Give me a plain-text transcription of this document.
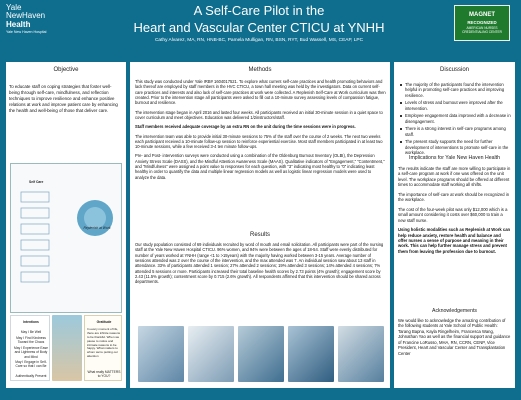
Yale
NewHaven
Health
Yale New Haven Hospital
A Self-Care Pilot in the
Heart and Vascular Center CTICU at YNHH
Cathy Alvarez, MA, RN, HNB-BC, Pamela Mulligan, RN, BSN, RYT, Bud Wassell, MS, CEAP, LPC
MAGNET
RECOGNIZED
AMERICAN NURSES
CREDENTIALING CENTER
Objective
To educate staff on coping strategies that foster well-being through self-care, mindfulness, and reflection techniques to improve resilience and enhance positive relations at work and improve patient care by enhancing the health and well-being of those that deliver care.
Self Care
Replenish at Work
Intentions
May I Be Well
May I Find Kindness Toward the Chaos
May I Experience Ease and Lightness of Body and Mind
May I Engage in Self-Care so that I can Be
Authentically Present
Gratitude
In every moment of life, there are infinite reasons to be thankful. When we pause to notice and intimate reasons to be happy. What matters to whom we're putting our attention
What really MATTERS to YOU?
Methods

This study was conducted under Yale IRB# 1604017521. To explore what current self-care practices and health promoting behaviors and lack thereof are employed by staff members in the HVC CTICU, a town hall meeting was held by the investigators. Data on current self-care practices and interests and also lack of self-care practices at work were collected. A Replenish Self-Care at Work curriculum was then created. Prior to the intervention stage all participants were asked to fill out a 10-minute survey assessing levels of compassion fatigue, burnout and resilience.

The intervention stage began in April 2016 and lasted four weeks. All participants received an initial 30-minute session in a quiet space to cover curriculum and meet objectives. Education was delivered 1/2instructors/staff.

Staff members received adequate coverage by an extra RN on the unit during the time sessions were in progress.

The intervention team was able to provide initial 30-minute sessions to 75% of the staff over the course of 2 weeks. The next two weeks each participant received a 10-minute follow-up session to reinforce experiential exercise. Most staff members participated in at least two 10-minute sessions, while a few received 3-4 ten minute follow-ups.

Pre- and Post- intervention surveys were conducted using a combination of the Oldenburg Burnout Inventory (OLBI), the Depression Anxiety Stress Scale (DASS), and the Mindful Attention Awareness Scale (MAAS). Qualitative indicators of "Engagement," "Contentment," and "Mindfulness" were assigned a point value to responses for each question, with "3" indicating most healthy to "0" indicating least healthy in order to quantify the data and multiple linear regression models as well as logistic linear regression models were used to analyze the data.

Results
Our study population consisted of 69 individuals recruited by word of mouth and email solicitation. All participants were part of the nursing staff at the Yale New Haven Hospital CTICU. 96% women, and 94% were between the ages of 18-54. Staff were evenly distributed for number of years worked at YNHH (range <1 to >15years) with the majority having worked between 3-15 years. Average number of sessions attended was 2 over the course of the intervention, and the max attended was 7. An individual session saw about 13 staff in attendance. 33% of participants attended 1 session; 27% attended 2 sessions; 19% attended 3 sessions; 14% attended 4 sessions; 7% attended 5 sessions or more. Participants increased their total baseline health scores by 2.73 points (4% growth); engagement score by 2.43 (11.5% growth); contentment score by 0.715 (2.6% growth). All respondents affirmed that this intervention should be shared across departments.
Discussion
The majority of the participants found the intervention helpful in promoting self-care practices and improving resilience.
Levels of stress and burnout were improved after the intervention.
Employee engagement data improved with a decrease in disengagement.
There is a strong interest in self-care programs among staff.
The present study supports the need for further development of interventions to promote self-care in the workplace.
Implications for Yale New Haven Health

The results indicate the staff are more willing to participate in a self-care program at work if one was offered on the unit level. The workplace programs should be offered at different times to accommodate staff working all shifts.

The importance of self-care at work should be recognized in the workplace.

The cost of the four-week pilot was only $12,000 which is a small amount considering it costs over $60,000 to train a new staff nurse.

Using holistic modalities such as Replenish at Work can help reduce anxiety, restore health and balance and offer nurses a sense of purpose and meaning in their work. This can help further manage stress and prevent them from leaving the profession due to burnout.

Acknowledgements
We would like to acknowledge the amazing contribution of the following students at Yale School of Public Health: Tarang Bapna, Kayla Ringelheim, Francesca Wang, Johnathan Yao as well as the financial support and guidance of Francine LoRusso, MHA, RN, CCRN, CENP, Vice President, Heart and Vascular Center and Transplantation Center
